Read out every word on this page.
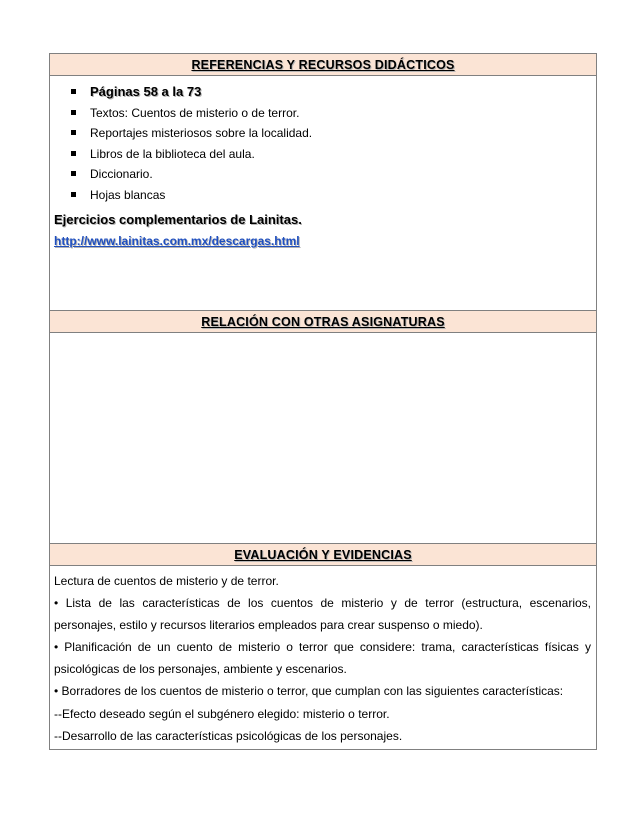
REFERENCIAS Y RECURSOS DIDÁCTICOS

Páginas 58 a la 73
Textos: Cuentos de misterio o de terror.
Reportajes misteriosos sobre la localidad.
Libros de la biblioteca del aula.
Diccionario.
Hojas blancas
Ejercicios complementarios de Lainitas.
http://www.lainitas.com.mx/descargas.html
RELACIÓN CON OTRAS ASIGNATURAS

EVALUACIÓN Y EVIDENCIAS

Lectura de cuentos de misterio y de terror.
• Lista de las características de los cuentos de misterio y de terror (estructura, escenarios,
personajes, estilo y recursos literarios empleados para crear suspenso o miedo).
• Planificación de un cuento de misterio o terror que considere: trama, características físicas y
psicológicas de los personajes, ambiente y escenarios.
• Borradores de los cuentos de misterio o terror, que cumplan con las siguientes características:
--Efecto deseado según el subgénero elegido: misterio o terror.
--Desarrollo de las características psicológicas de los personajes.
